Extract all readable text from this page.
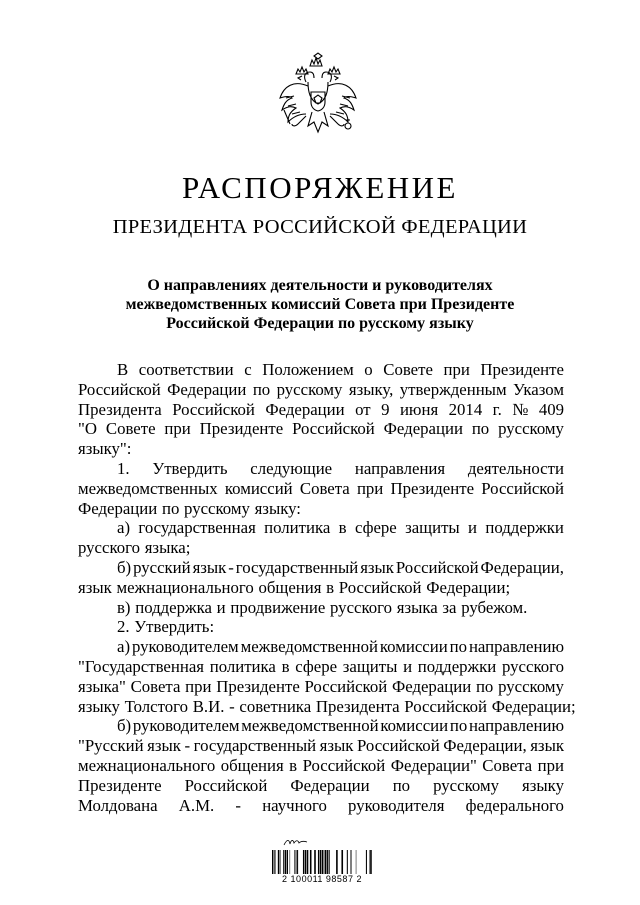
РАСПОРЯЖЕНИЕ
ПРЕЗИДЕНТА РОССИЙСКОЙ ФЕДЕРАЦИИ
О направлениях деятельности и руководителях
межведомственных комиссий Совета при Президенте
Российской Федерации по русскому языку
В соответствии с Положением о Совете при Президенте
Российской Федерации по русскому языку, утвержденным Указом
Президента Российской Федерации от 9 июня 2014 г. № 409
"О Совете при Президенте Российской Федерации по русскому
языку":
1. Утвердить следующие направления деятельности
межведомственных комиссий Совета при Президенте Российской
Федерации по русскому языку:
а) государственная политика в сфере защиты и поддержки
русского языка;
б) русский язык - государственный язык Российской Федерации,
язык межнационального общения в Российской Федерации;
в) поддержка и продвижение русского языка за рубежом.
2. Утвердить:
а) руководителем межведомственной комиссии по направлению
"Государственная политика в сфере защиты и поддержки русского
языка" Совета при Президенте Российской Федерации по русскому
языку Толстого В.И. - советника Президента Российской Федерации;
б) руководителем межведомственной комиссии по направлению
"Русский язык - государственный язык Российской Федерации, язык
межнационального общения в Российской Федерации" Совета при
Президенте Российской Федерации по русскому языку
Молдована А.М. - научного руководителя федерального
2 100011 98587 2
